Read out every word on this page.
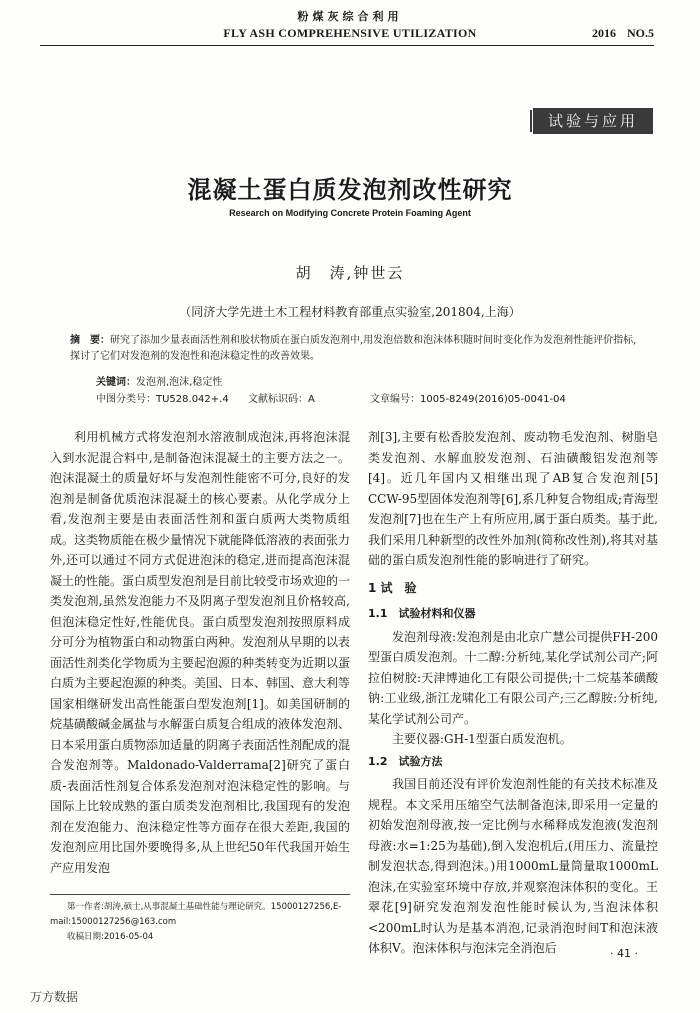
粉煤灰综合利用
FLY ASH COMPREHENSIVE UTILIZATION	2016 NO.5
试验与应用
混凝土蛋白质发泡剂改性研究
Research on Modifying Concrete Protein Foaming Agent
胡　涛,钟世云
（同济大学先进土木工程材料教育部重点实验室,201804,上海）
摘　要：研究了添加少量表面活性剂和胶状物质在蛋白质发泡剂中,用发泡倍数和泡沫体积随时间时变化作为发泡剂性能评价指标,探讨了它们对发泡剂的发泡性和泡沫稳定性的改善效果。
关键词：发泡剂,泡沫,稳定性
中图分类号：TU528.042+.4 文献标识码：A	文章编号：1005-8249(2016)05-0041-04

利用机械方式将发泡剂水溶液制成泡沫,再将泡沫混入到水泥混合料中,是制备泡沫混凝土的主要方法之一。泡沫混凝土的质量好坏与发泡剂性能密不可分,良好的发泡剂是制备优质泡沫混凝土的核心要素。从化学成分上看,发泡剂主要是由表面活性剂和蛋白质两大类物质组成。这类物质能在极少量情况下就能降低溶液的表面张力外,还可以通过不同方式促进泡沫的稳定,进而提高泡沫混凝土的性能。蛋白质型发泡剂是目前比较受市场欢迎的一类发泡剂,虽然发泡能力不及阴离子型发泡剂且价格较高,但泡沫稳定性好,性能优良。蛋白质型发泡剂按照原料成分可分为植物蛋白和动物蛋白两种。发泡剂从早期的以表面活性剂类化学物质为主要起泡源的种类转变为近期以蛋白质为主要起泡源的种类。美国、日本、韩国、意大利等国家相继研发出高性能蛋白型发泡剂[1]。如美国研制的烷基磺酸碱金属盐与水解蛋白质复合组成的液体发泡剂、日本采用蛋白质物添加适量的阴离子表面活性剂配成的混合发泡剂等。Maldonado-Valderrama[2]研究了蛋白质-表面活性剂复合体系发泡剂对泡沫稳定性的影响。与国际上比较成熟的蛋白质类发泡剂相比,我国现有的发泡剂在发泡能力、泡沫稳定性等方面存在很大差距,我国的发泡剂应用比国外要晚得多,从上世纪50年代我国开始生产应用发泡

剂[3],主要有松香胶发泡剂、废动物毛发泡剂、树脂皂类发泡剂、水解血胶发泡剂、石油磺酸铝发泡剂等[4]。近几年国内又相继出现了AB复合发泡剂[5] CCW-95型固体发泡剂等[6],系几种复合物组成;青海型发泡剂[7]也在生产上有所应用,属于蛋白质类。基于此,我们采用几种新型的改性外加剂(简称改性剂),将其对基础的蛋白质发泡剂性能的影响进行了研究。

1 试　验
1.1　试验材料和仪器

发泡剂母液:发泡剂是由北京广慧公司提供FH-200型蛋白质发泡剂。十二醇:分析纯,某化学试剂公司产;阿拉伯树胶:天津博迪化工有限公司提供;十二烷基苯磺酸钠:工业级,浙江龙啸化工有限公司产;三乙醇胺:分析纯,某化学试剂公司产。

主要仪器:GH-1型蛋白质发泡机。

1.2　试验方法

我国目前还没有评价发泡剂性能的有关技术标准及规程。本文采用压缩空气法制备泡沫,即采用一定量的初始发泡剂母液,按一定比例与水稀释成发泡液(发泡剂母液:水=1:25为基础),倒入发泡机后,(用压力、流量控制发泡状态,得到泡沫。)用1000mL量筒量取1000mL泡沫,在实验室环境中存放,并观察泡沫体积的变化。王翠花[9]研究发泡剂发泡性能时候认为,当泡沫体积<200mL时认为是基本消泡,记录消泡时间T和泡沫液体积V。泡沫体积与泡沫完全消泡后

第一作者:胡涛,硕士,从事混凝土基础性能与理论研究。15000127256,E-mail:15000127256@163.com
收稿日期:2016-05-04
· 41 ·
万方数据
